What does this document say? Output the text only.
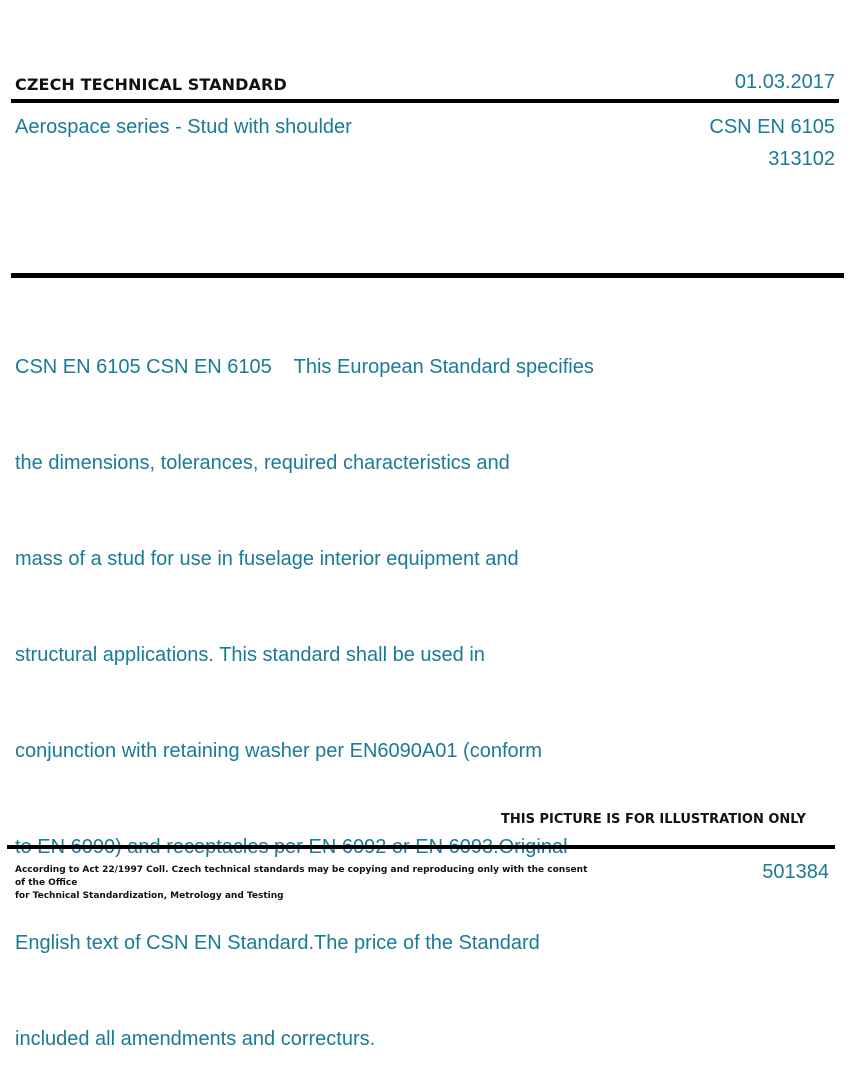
CZECH TECHNICAL STANDARD	01.03.2017
Aerospace series - Stud with shoulder	CSN EN 6105
313102

CSN EN 6105 CSN EN 6105    This European Standard specifies

the dimensions, tolerances, required characteristics and

mass of a stud for use in fuselage interior equipment and

structural applications. This standard shall be used in

conjunction with retaining washer per EN6090A01 (conform

English text of CSN EN Standard.The price of the Standard

included all amendments and correcturs.

THIS PICTURE IS FOR ILLUSTRATION ONLY
According to Act 22/1997 Coll. Czech technical standards may be copying and reproducing only with the consent of the Office
for Technical Standardization, Metrology and Testing
501384
